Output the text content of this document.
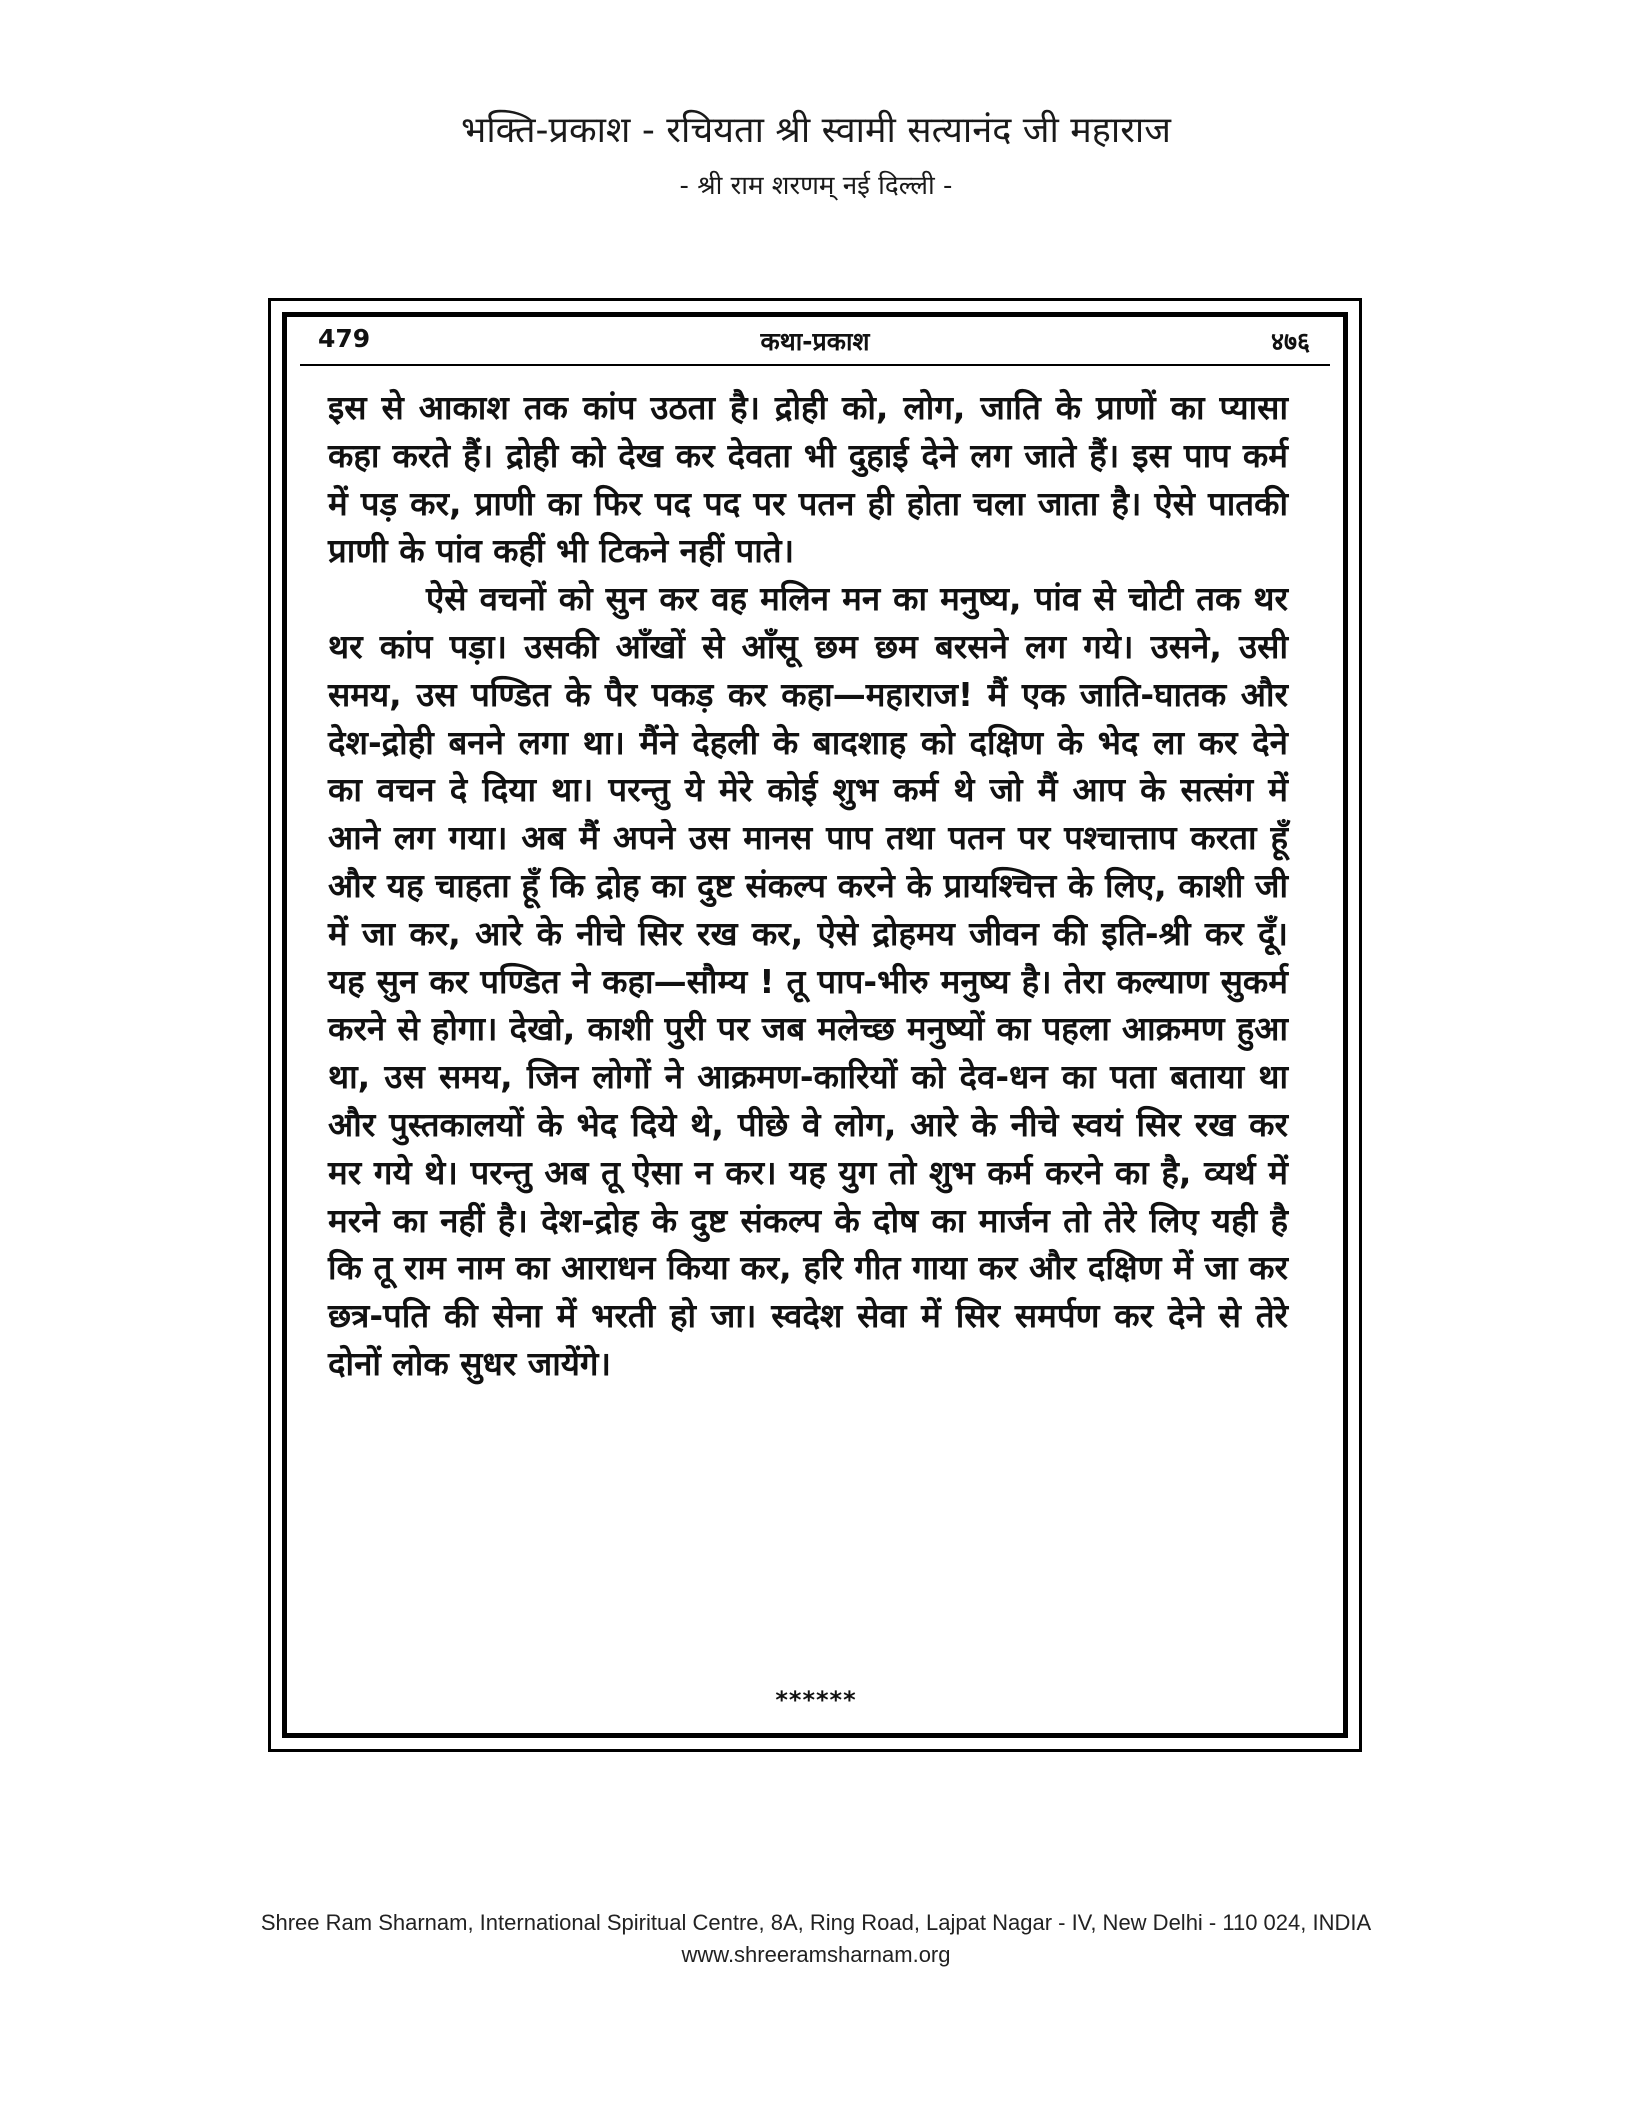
भक्ति-प्रकाश - रचियता श्री स्वामी सत्यानंद जी महाराज
- श्री राम शरणम् नई दिल्ली -
479	कथा-प्रकाश	४७६

इस से आकाश तक कांप उठता है। द्रोही को, लोग, जाति के प्राणों का प्यासा कहा करते हैं। द्रोही को देख कर देवता भी दुहाई देने लग जाते हैं। इस पाप कर्म में पड़ कर, प्राणी का फिर पद पद पर पतन ही होता चला जाता है। ऐसे पातकी प्राणी के पांव कहीं भी टिकने नहीं पाते।

ऐसे वचनों को सुन कर वह मलिन मन का मनुष्य, पांव से चोटी तक थर थर कांप पड़ा। उसकी आँखों से आँसू छम छम बरसने लग गये। उसने, उसी समय, उस पण्डित के पैर पकड़ कर कहा—महाराज! मैं एक जाति-घातक और देश-द्रोही बनने लगा था। मैंने देहली के बादशाह को दक्षिण के भेद ला कर देने का वचन दे दिया था। परन्तु ये मेरे कोई शुभ कर्म थे जो मैं आप के सत्संग में आने लग गया। अब मैं अपने उस मानस पाप तथा पतन पर पश्चात्ताप करता हूँ और यह चाहता हूँ कि द्रोह का दुष्ट संकल्प करने के प्रायश्चित्त के लिए, काशी जी में जा कर, आरे के नीचे सिर रख कर, ऐसे द्रोहमय जीवन की इति-श्री कर दूँ। यह सुन कर पण्डित ने कहा—सौम्य ! तू पाप-भीरु मनुष्य है। तेरा कल्याण सुकर्म करने से होगा। देखो, काशी पुरी पर जब मलेच्छ मनुष्यों का पहला आक्रमण हुआ था, उस समय, जिन लोगों ने आक्रमण-कारियों को देव-धन का पता बताया था और पुस्तकालयों के भेद दिये थे, पीछे वे लोग, आरे के नीचे स्वयं सिर रख कर मर गये थे। परन्तु अब तू ऐसा न कर। यह युग तो शुभ कर्म करने का है, व्यर्थ में मरने का नहीं है। देश-द्रोह के दुष्ट संकल्प के दोष का मार्जन तो तेरे लिए यही है कि तू राम नाम का आराधन किया कर, हरि गीत गाया कर और दक्षिण में जा कर छत्र-पति की सेना में भरती हो जा। स्वदेश सेवा में सिर समर्पण कर देने से तेरे दोनों लोक सुधर जायेंगे।

******
Shree Ram Sharnam, International Spiritual Centre, 8A, Ring Road, Lajpat Nagar - IV, New Delhi - 110 024, INDIA
www.shreeramsharnam.org
